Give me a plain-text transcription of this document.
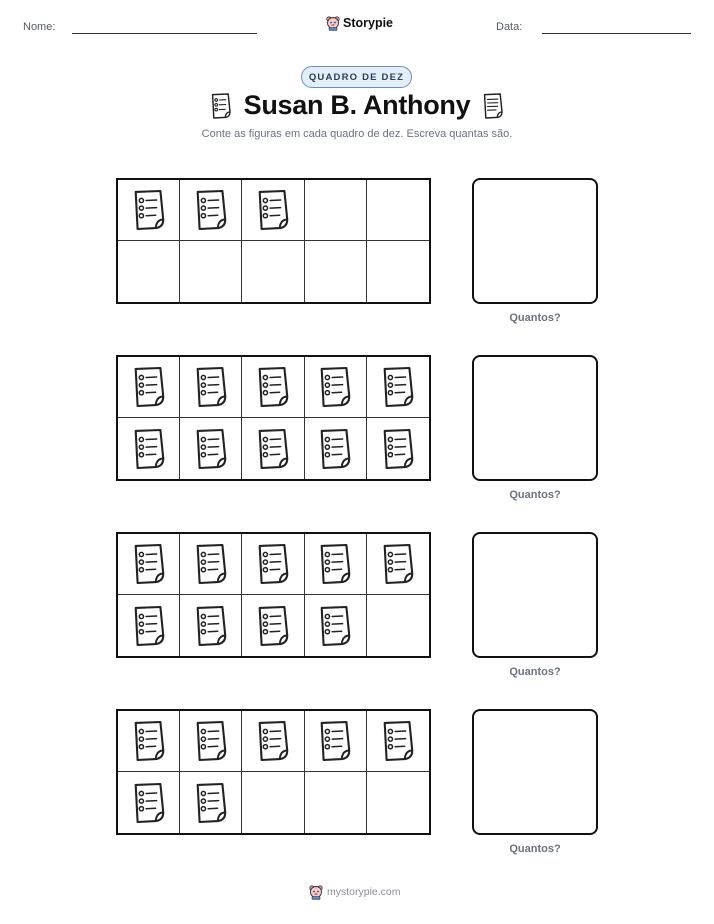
Nome:	Storypie	Data:
QUADRO DE DEZ
Susan B. Anthony
Conte as figuras em cada quadro de dez. Escreva quantas são.
Quantos?
Quantos?
Quantos?
Quantos?
mystorypie.com
